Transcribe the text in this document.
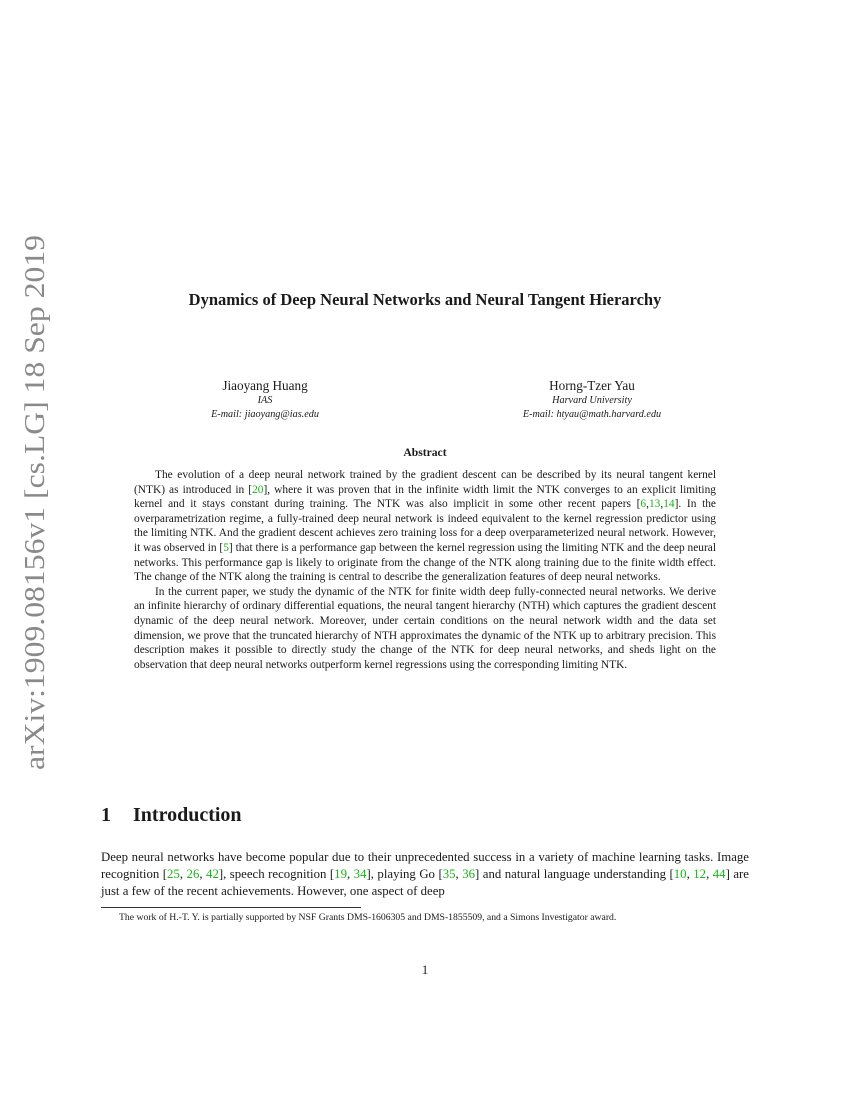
arXiv:1909.08156v1 [cs.LG] 18 Sep 2019	Dynamics of Deep Neural Networks and Neural Tangent Hierarchy
Jiaoyang Huang
IAS
E-mail: jiaoyang@ias.edu
Horng-Tzer Yau
Harvard University
E-mail: htyau@math.harvard.edu
Abstract

The evolution of a deep neural network trained by the gradient descent can be described by its neural tangent kernel (NTK) as introduced in [20], where it was proven that in the infinite width limit the NTK converges to an explicit limiting kernel and it stays constant during training. The NTK was also implicit in some other recent papers [6,13,14]. In the overparametrization regime, a fully-trained deep neural network is indeed equivalent to the kernel regression predictor using the limiting NTK. And the gradient descent achieves zero training loss for a deep overparameterized neural network. However, it was observed in [5] that there is a performance gap between the kernel regression using the limiting NTK and the deep neural networks. This performance gap is likely to originate from the change of the NTK along training due to the finite width effect. The change of the NTK along the training is central to describe the generalization features of deep neural networks.

In the current paper, we study the dynamic of the NTK for finite width deep fully-connected neural networks. We derive an infinite hierarchy of ordinary differential equations, the neural tangent hierarchy (NTH) which captures the gradient descent dynamic of the deep neural network. Moreover, under certain conditions on the neural network width and the data set dimension, we prove that the truncated hierarchy of NTH approximates the dynamic of the NTK up to arbitrary precision. This description makes it possible to directly study the change of the NTK for deep neural networks, and sheds light on the observation that deep neural networks outperform kernel regressions using the corresponding limiting NTK.

1 Introduction

Deep neural networks have become popular due to their unprecedented success in a variety of machine learning tasks. Image recognition [25, 26, 42], speech recognition [19, 34], playing Go [35, 36] and natural language understanding [10, 12, 44] are just a few of the recent achievements. However, one aspect of deep

The work of H.-T. Y. is partially supported by NSF Grants DMS-1606305 and DMS-1855509, and a Simons Investigator award.

1
